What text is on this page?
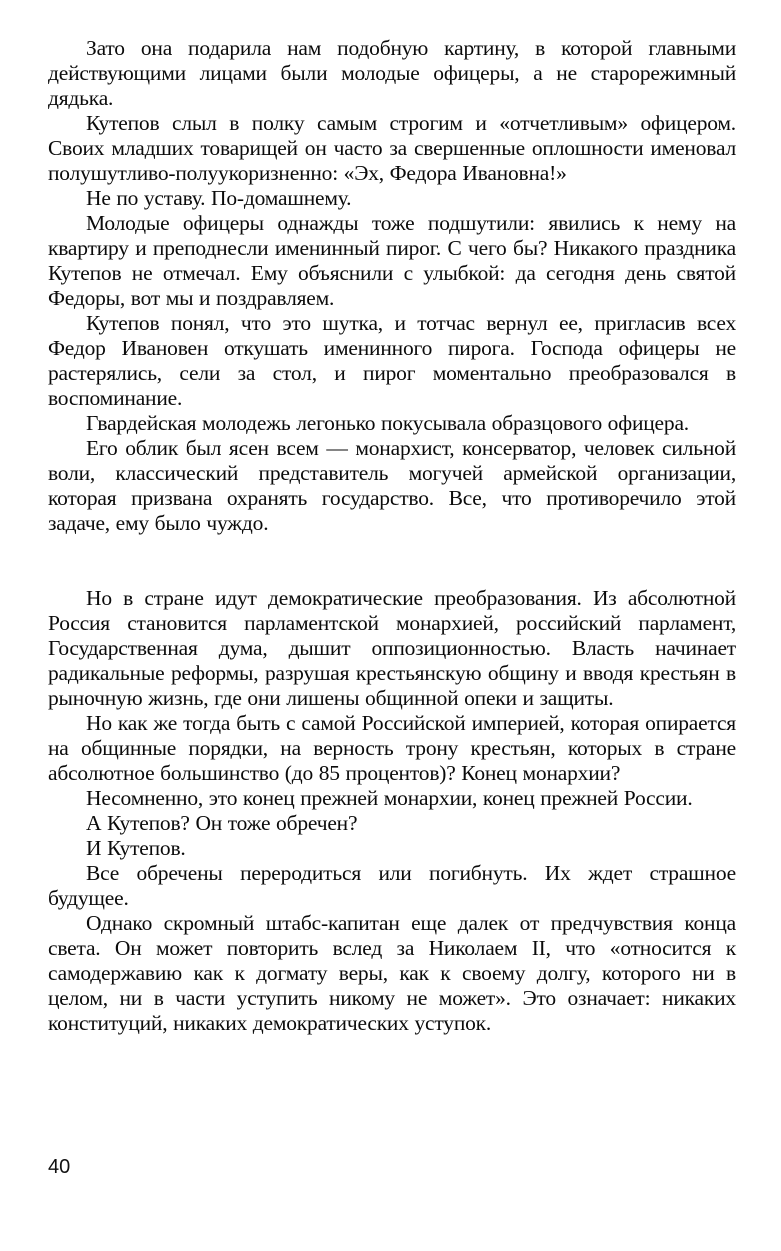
Зато она подарила нам подобную картину, в которой главными действующими лицами были молодые офицеры, а не старорежимный дядька.

Кутепов слыл в полку самым строгим и «отчетливым» офицером. Своих младших товарищей он часто за свершенные оплошности именовал полушутливо-полуукоризненно: «Эх, Федора Ивановна!»

Не по уставу. По-домашнему.

Молодые офицеры однажды тоже подшутили: явились к нему на квартиру и преподнесли именинный пирог. С чего бы? Никакого праздника Кутепов не отмечал. Ему объяснили с улыбкой: да сегодня день святой Федоры, вот мы и поздравляем.

Кутепов понял, что это шутка, и тотчас вернул ее, пригласив всех Федор Ивановен откушать именинного пирога. Господа офицеры не растерялись, сели за стол, и пирог моментально преобразовался в воспоминание.

Гвардейская молодежь легонько покусывала образцового офицера.

Его облик был ясен всем — монархист, консерватор, человек сильной воли, классический представитель могучей армейской организации, которая призвана охранять государство. Все, что противоречило этой задаче, ему было чуждо.

Но в стране идут демократические преобразования. Из абсолютной Россия становится парламентской монархией, российский парламент, Государственная дума, дышит оппозиционностью. Власть начинает радикальные реформы, разрушая крестьянскую общину и вводя крестьян в рыночную жизнь, где они лишены общинной опеки и защиты.

Но как же тогда быть с самой Российской империей, которая опирается на общинные порядки, на верность трону крестьян, которых в стране абсолютное большинство (до 85 процентов)? Конец монархии?

Несомненно, это конец прежней монархии, конец прежней России.

А Кутепов? Он тоже обречен?

И Кутепов.

Все обречены переродиться или погибнуть. Их ждет страшное будущее.

Однако скромный штабс-капитан еще далек от предчувствия конца света. Он может повторить вслед за Николаем II, что «относится к самодержавию как к догмату веры, как к своему долгу, которого ни в целом, ни в части уступить никому не может». Это означает: никаких конституций, никаких демократических уступок.

40
